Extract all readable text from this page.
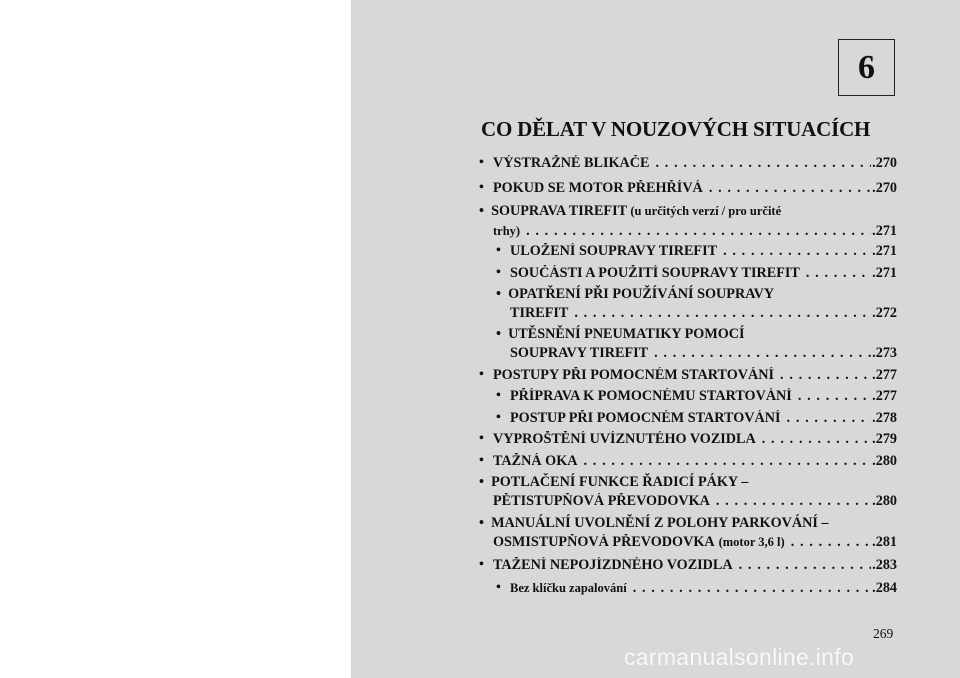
6
CO DĚLAT V NOUZOVÝCH SITUACÍCH
• VÝSTRAŽNÉ BLIKAČE . . .	.270
• POKUD SE MOTOR PŘEHŘÍVÁ . . .	.270
•  SOUPRAVA TIREFIT (u určitých verzí / pro určité
trhy) . . .	.271
• ULOŽENÍ SOUPRAVY TIREFIT . . .	.271
• SOUČÁSTI A POUŽITÍ SOUPRAVY TIREFIT . . .	.271
•  OPATŘENÍ PŘI POUŽÍVÁNÍ SOUPRAVY
TIREFIT . . .	.272
•  UTĚSNĚNÍ PNEUMATIKY POMOCÍ
SOUPRAVY TIREFIT . . .	.273
• POSTUPY PŘI POMOCNÉM STARTOVÁNÍ . . .	.277
• PŘÍPRAVA K POMOCNÉMU STARTOVÁNÍ . . .	.277
• POSTUP PŘI POMOCNÉM STARTOVÁNÍ . . .	.278
• VYPROŠTĚNÍ UVÍZNUTÉHO VOZIDLA . . .	.279
• TAŽNÁ OKA . . .	.280
•  POTLAČENÍ FUNKCE ŘADICÍ PÁKY –
PĚTISTUPŇOVÁ PŘEVODOVKA . . .	.280
•  MANUÁLNÍ UVOLNĚNÍ Z POLOHY PARKOVÁNÍ –
OSMISTUPŇOVÁ PŘEVODOVKA (motor 3,6 l) . . .	.281
• TAŽENÍ NEPOJÍZDNÉHO VOZIDLA . . .	.283
• Bez klíčku zapalování . . .	.284
269
carmanualsonline.info
